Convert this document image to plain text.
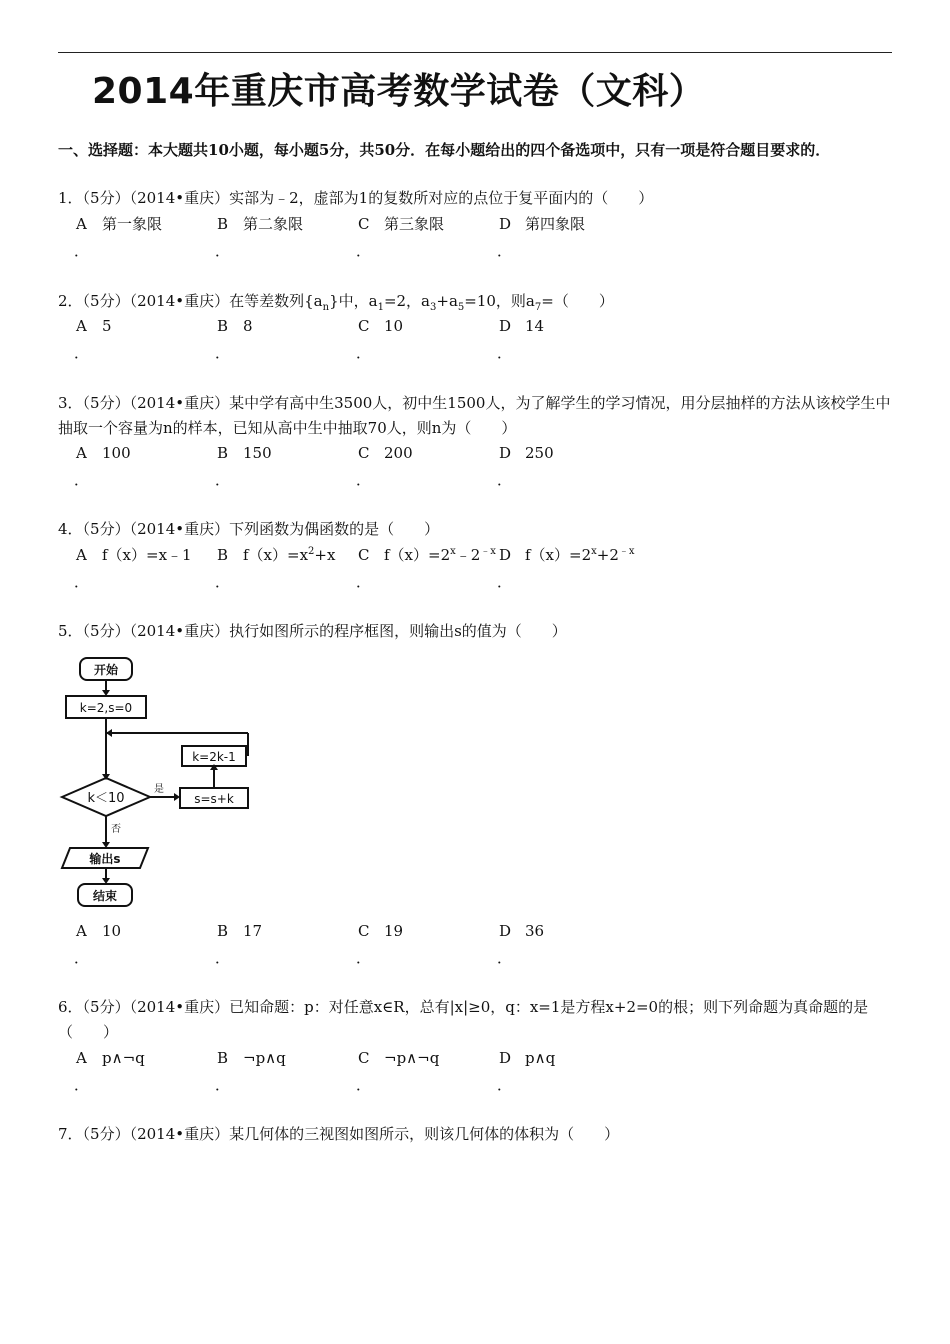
2014年重庆市高考数学试卷（文科）
一、选择题：本大题共10小题，每小题5分，共50分．在每小题给出的四个备选项中，只有一项是符合题目要求的．
1．（5分）（2014•重庆）实部为﹣2，虚部为1的复数所对应的点位于复平面内的（　　）
A 第一象限	B 第二象限	C 第三象限	D 第四象限
．	．	．	．
2．（5分）（2014•重庆）在等差数列$\{a_n\}$中，$a_1=2$，$a_3+a_5=10$，则$a_7=$（　　）
A 5	B 8	C 10	D 14
．	．	．	．
3．（5分）（2014•重庆）某中学有高中生3500人，初中生1500人，为了解学生的学习情况，用分层抽样的方法从该校学生中抽取一个容量为n的样本，已知从高中生中抽取70人，则n为（　　）
A 100	B 150	C 200	D 250
．	．	．	．
4．（5分）（2014•重庆）下列函数为偶函数的是（　　）
A f（x）=x﹣1 B $f(x)=x^2+x$ C $f(x)=2^x﹣2^{﹣x}$ D $f(x)=2^x+2^{﹣x}$
．	．	．	．
5．（5分）（2014•重庆）执行如图所示的程序框图，则输出s的值为（　　）
开始
k=2,s=0
k=2k-1
k＜10
是
s=s+k
否
输出s
结束
A 10	B 17	C 19	D 36
．	．	．	．
6．（5分）（2014•重庆）已知命题：p：对任意x∈R，总有|x|≥0，q：x=1是方程x+2=0的根；则下列命题为真命题的是（　　）
A p∧¬q	B ¬p∧q	C ¬p∧¬q	D p∧q
．	．	．	．
7．（5分）（2014•重庆）某几何体的三视图如图所示，则该几何体的体积为（　　）
